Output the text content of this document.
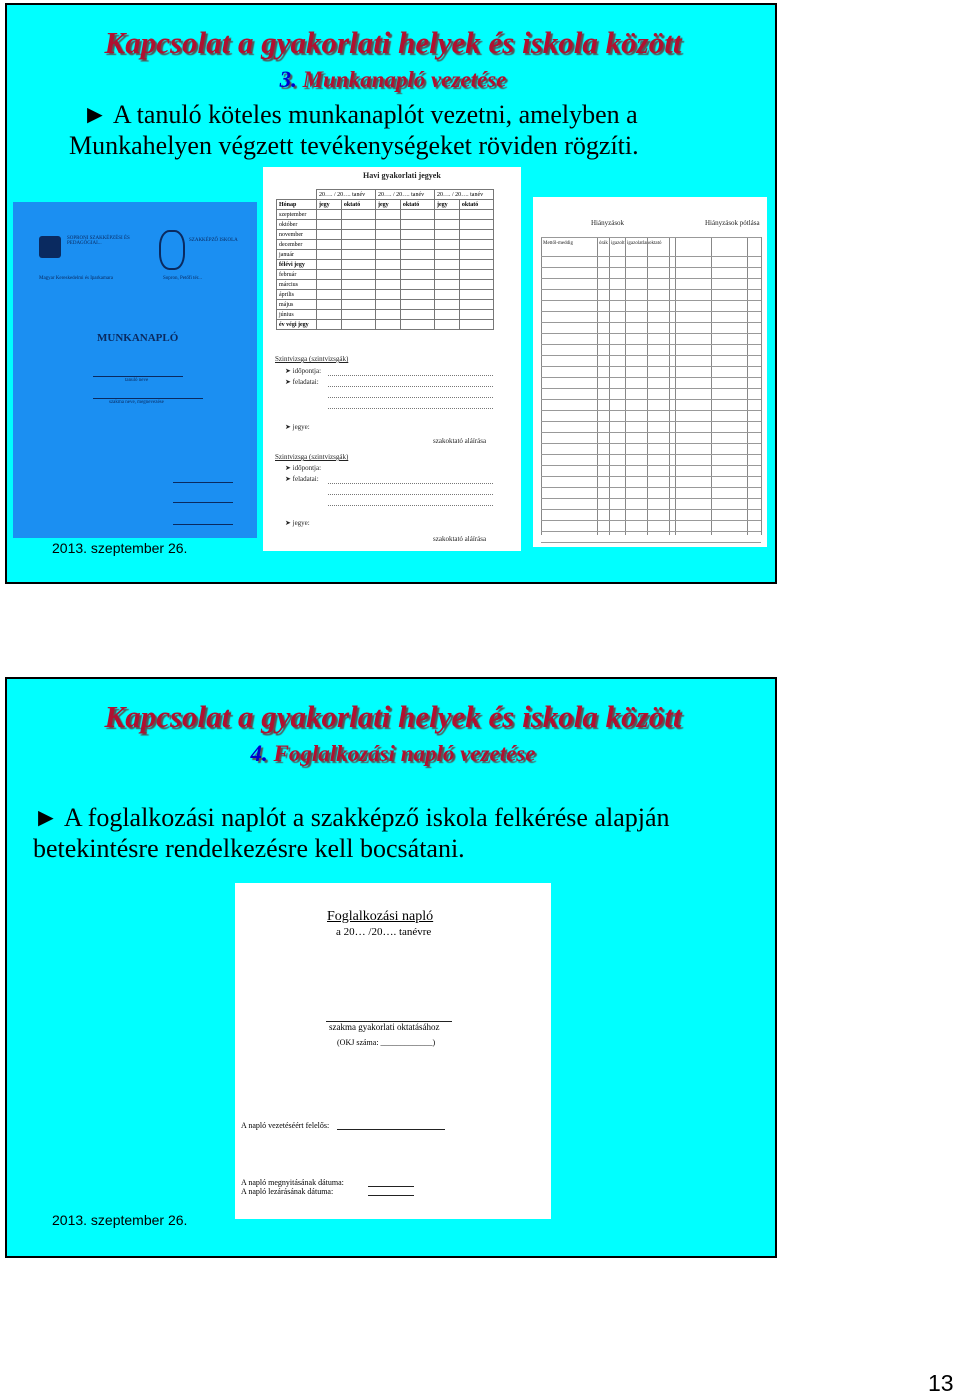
Kapcsolat a gyakorlati helyek és iskola között
3. Munkanapló vezetése
► A tanuló köteles munkanaplót vezetni, amelyben a
Munkahelyen végzett tevékenységeket röviden rögzíti.
SOPRONI SZAKKÉPZÉSI ÉS PEDAGÓGIAI...
SZAKKÉPZŐ ISKOLA
Magyar Kereskedelmi és Iparkamara	Sopron, Petőfi tér...
MUNKANAPLÓ
tanuló neve
szakma neve, megnevezése
Havi gyakorlati jegyek
	20…. / 20…. tanév		20…. / 20…. tanév		20…. / 20…. tanév	
Hónap	jegy	oktató	jegy	oktató	jegy	oktató
szeptember						
október						
november						
december						
január						
félévi jegy						
február						
március						
április						
május						
június						
év végi jegy						
Szintvizsga (szintvizsgák)
➤ időpontja:
➤ feladatai:
➤ jegye:
szakoktató aláírása
Szintvizsga (szintvizsgák)
➤ időpontja:
➤ feladatai:
➤ jegye:
szakoktató aláírása
Hiányzások	Hiányzások pótlása
Mettől-meddig	órák igazolt igazolatlan oktató
2013. szeptember 26.
Kapcsolat a gyakorlati helyek és iskola között
4. Foglalkozási napló vezetése
► A foglalkozási naplót a szakképző iskola felkérése alapján
betekintésre rendelkezésre kell bocsátani.
Foglalkozási napló
a 20… /20…. tanévre
szakma gyakorlati oktatásához
(OKJ száma: _____________)
A napló vezetéséért felelős:
A napló megnyitásának dátuma:
A napló lezárásának dátuma:
2013. szeptember 26.
13
